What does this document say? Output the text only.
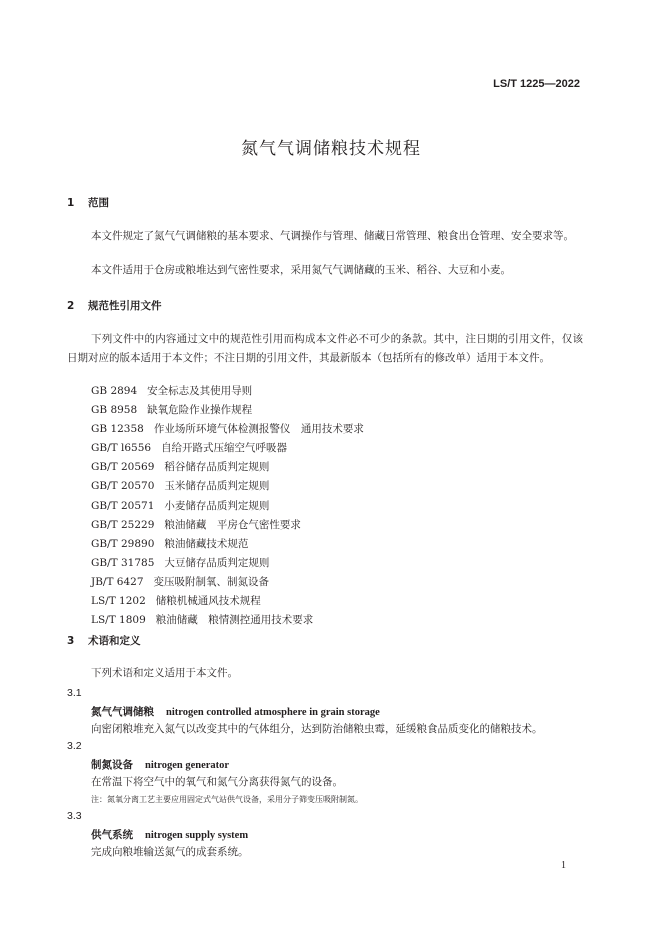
LS/T 1225—2022
氮气气调储粮技术规程
1 范围
本文件规定了氮气气调储粮的基本要求、气调操作与管理、储藏日常管理、粮食出仓管理、安全要求等。
本文件适用于仓房或粮堆达到气密性要求，采用氮气气调储藏的玉米、稻谷、大豆和小麦。
2 规范性引用文件
下列文件中的内容通过文中的规范性引用而构成本文件必不可少的条款。其中，注日期的引用文件，仅该日期对应的版本适用于本文件；不注日期的引用文件，其最新版本（包括所有的修改单）适用于本文件。
GB 2894 安全标志及其使用导则
GB 8958 缺氧危险作业操作规程
GB 12358 作业场所环境气体检测报警仪　通用技术要求
GB/T l6556 自给开路式压缩空气呼吸器
GB/T 20569 稻谷储存品质判定规则
GB/T 20570 玉米储存品质判定规则
GB/T 20571 小麦储存品质判定规则
GB/T 25229 粮油储藏　平房仓气密性要求
GB/T 29890 粮油储藏技术规范
GB/T 31785 大豆储存品质判定规则
JB/T 6427 变压吸附制氧、制氮设备
LS/T 1202 储粮机械通风技术规程
LS/T 1809 粮油储藏　粮情测控通用技术要求
3 术语和定义
下列术语和定义适用于本文件。
3.1
氮气气调储粮 nitrogen controlled atmosphere in grain storage
向密闭粮堆充入氮气以改变其中的气体组分，达到防治储粮虫霉，延缓粮食品质变化的储粮技术。
3.2
制氮设备 nitrogen generator
在常温下将空气中的氧气和氮气分离获得氮气的设备。
注：氮氧分离工艺主要应用固定式气站供气设备，采用分子筛变压吸附制氮。
3.3
供气系统 nitrogen supply system
完成向粮堆输送氮气的成套系统。
1
